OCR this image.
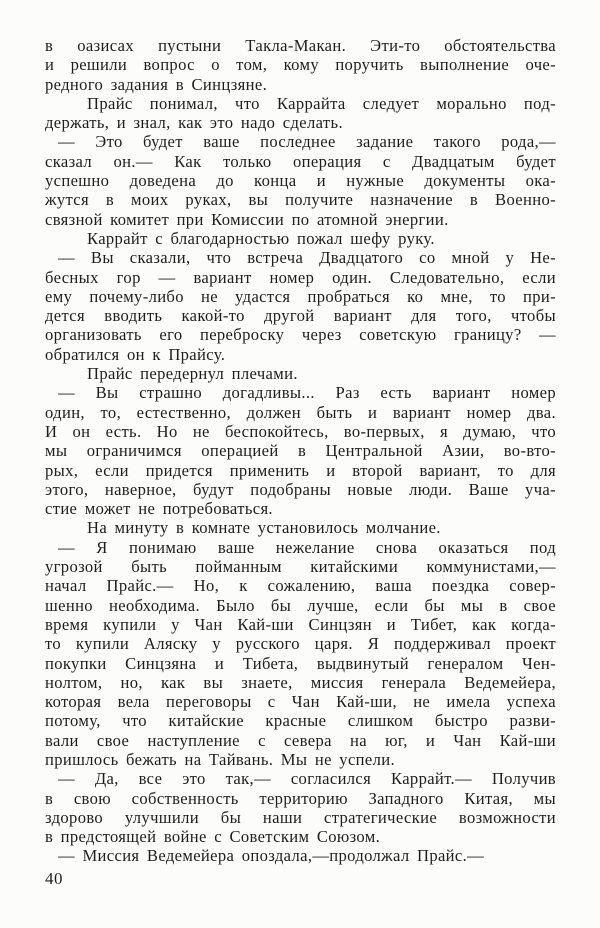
в оазисах пустыни Такла-Макан. Эти-то обстоятельства
и решили вопрос о том, кому поручить выполнение оче-
редного задания в Синцзяне.
Прайс понимал, что Каррайта следует морально под-
держать, и знал, как это надо сделать.
— Это будет ваше последнее задание такого рода,—
сказал он.— Как только операция с Двадцатым будет
успешно доведена до конца и нужные документы ока-
жутся в моих руках, вы получите назначение в Военно-
связной комитет при Комиссии по атомной энергии.
Каррайт с благодарностью пожал шефу руку.
— Вы сказали, что встреча Двадцатого со мной у Не-
бесных гор — вариант номер один. Следовательно, если
ему почему-либо не удастся пробраться ко мне, то при-
дется вводить какой-то другой вариант для того, чтобы
организовать его переброску через советскую границу? —
обратился он к Прайсу.
Прайс передернул плечами.
— Вы страшно догадливы... Раз есть вариант номер
один, то, естественно, должен быть и вариант номер два.
И он есть. Но не беспокойтесь, во-первых, я думаю, что
мы ограничимся операцией в Центральной Азии, во-вто-
рых, если придется применить и второй вариант, то для
этого, наверное, будут подобраны новые люди. Ваше уча-
стие может не потребоваться.
На минуту в комнате установилось молчание.
— Я понимаю ваше нежелание снова оказаться под
угрозой быть пойманным китайскими коммунистами,—
начал Прайс.— Но, к сожалению, ваша поездка совер-
шенно необходима. Было бы лучше, если бы мы в свое
время купили у Чан Кай-ши Синцзян и Тибет, как когда-
то купили Аляску у русского царя. Я поддерживал проект
покупки Синцзяна и Тибета, выдвинутый генералом Чен-
нолтом, но, как вы знаете, миссия генерала Ведемейера,
которая вела переговоры с Чан Кай-ши, не имела успеха
потому, что китайские красные слишком быстро разви-
вали свое наступление с севера на юг, и Чан Кай-ши
пришлось бежать на Тайвань. Мы не успели.
— Да, все это так,— согласился Каррайт.— Получив
в свою собственность территорию Западного Китая, мы
здорово улучшили бы наши стратегические возможности
в предстоящей войне с Советским Союзом.
— Миссия Ведемейера опоздала,—продолжал Прайс.—
40
